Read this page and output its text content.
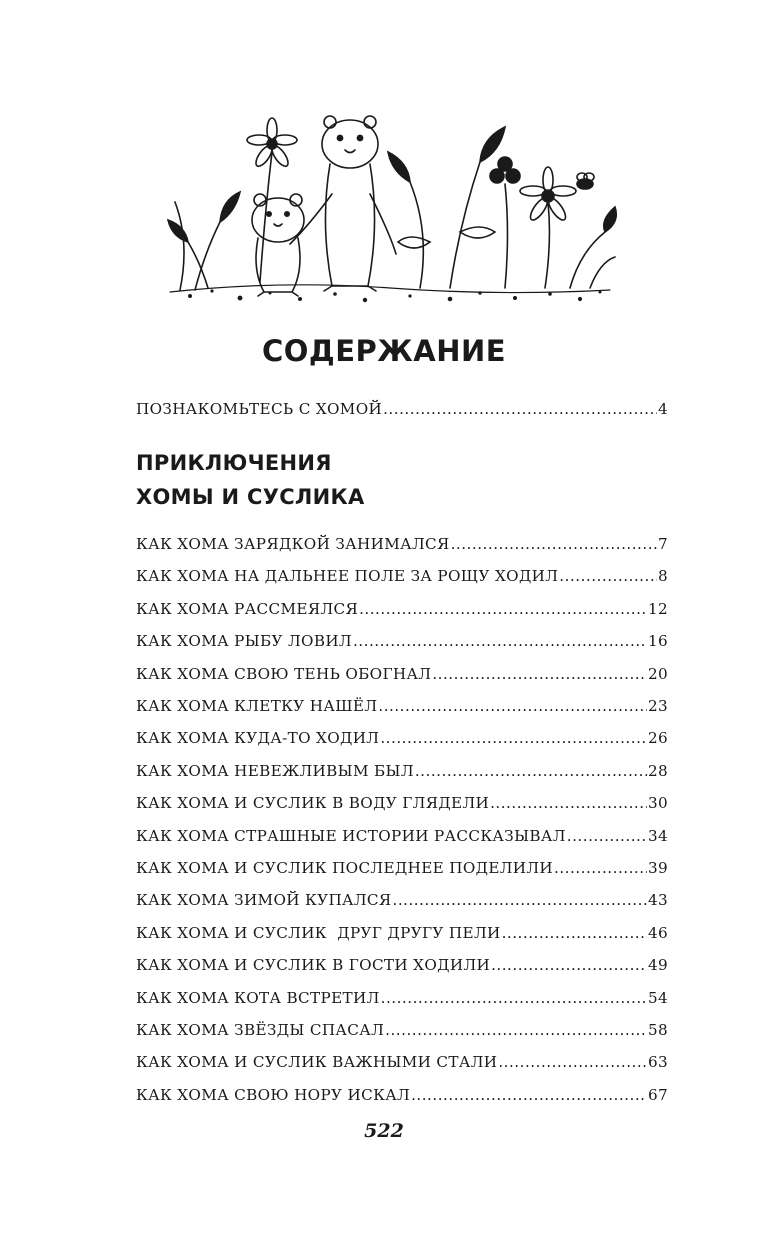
СОДЕРЖАНИЕ
ПОЗНАКОМЬТЕСЬ С ХОМОЙ .....	4
ПРИКЛЮЧЕНИЯ
ХОМЫ И СУСЛИКА
КАК ХОМА ЗАРЯДКОЙ ЗАНИМАЛСЯ .....	7
КАК ХОМА НА ДАЛЬНЕЕ ПОЛЕ ЗА РОЩУ ХОДИЛ .....	8
КАК ХОМА РАССМЕЯЛСЯ .....	12
КАК ХОМА РЫБУ ЛОВИЛ .....	16
КАК ХОМА СВОЮ ТЕНЬ ОБОГНАЛ .....	20
КАК ХОМА КЛЕТКУ НАШЁЛ .....	23
КАК ХОМА КУДА-ТО ХОДИЛ .....	26
КАК ХОМА НЕВЕЖЛИВЫМ БЫЛ .....	28
КАК ХОМА И СУСЛИК В ВОДУ ГЛЯДЕЛИ .....	30
КАК ХОМА СТРАШНЫЕ ИСТОРИИ РАССКАЗЫВАЛ .....	34
КАК ХОМА И СУСЛИК ПОСЛЕДНЕЕ ПОДЕЛИЛИ .....	39
КАК ХОМА ЗИМОЙ КУПАЛСЯ .....	43
КАК ХОМА И СУСЛИК  ДРУГ ДРУГУ ПЕЛИ .....	46
КАК ХОМА И СУСЛИК В ГОСТИ ХОДИЛИ .....	49
КАК ХОМА КОТА ВСТРЕТИЛ .....	54
КАК ХОМА ЗВЁЗДЫ СПАСАЛ .....	58
КАК ХОМА И СУСЛИК ВАЖНЫМИ СТАЛИ .....	63
КАК ХОМА СВОЮ НОРУ ИСКАЛ .....	67
522
